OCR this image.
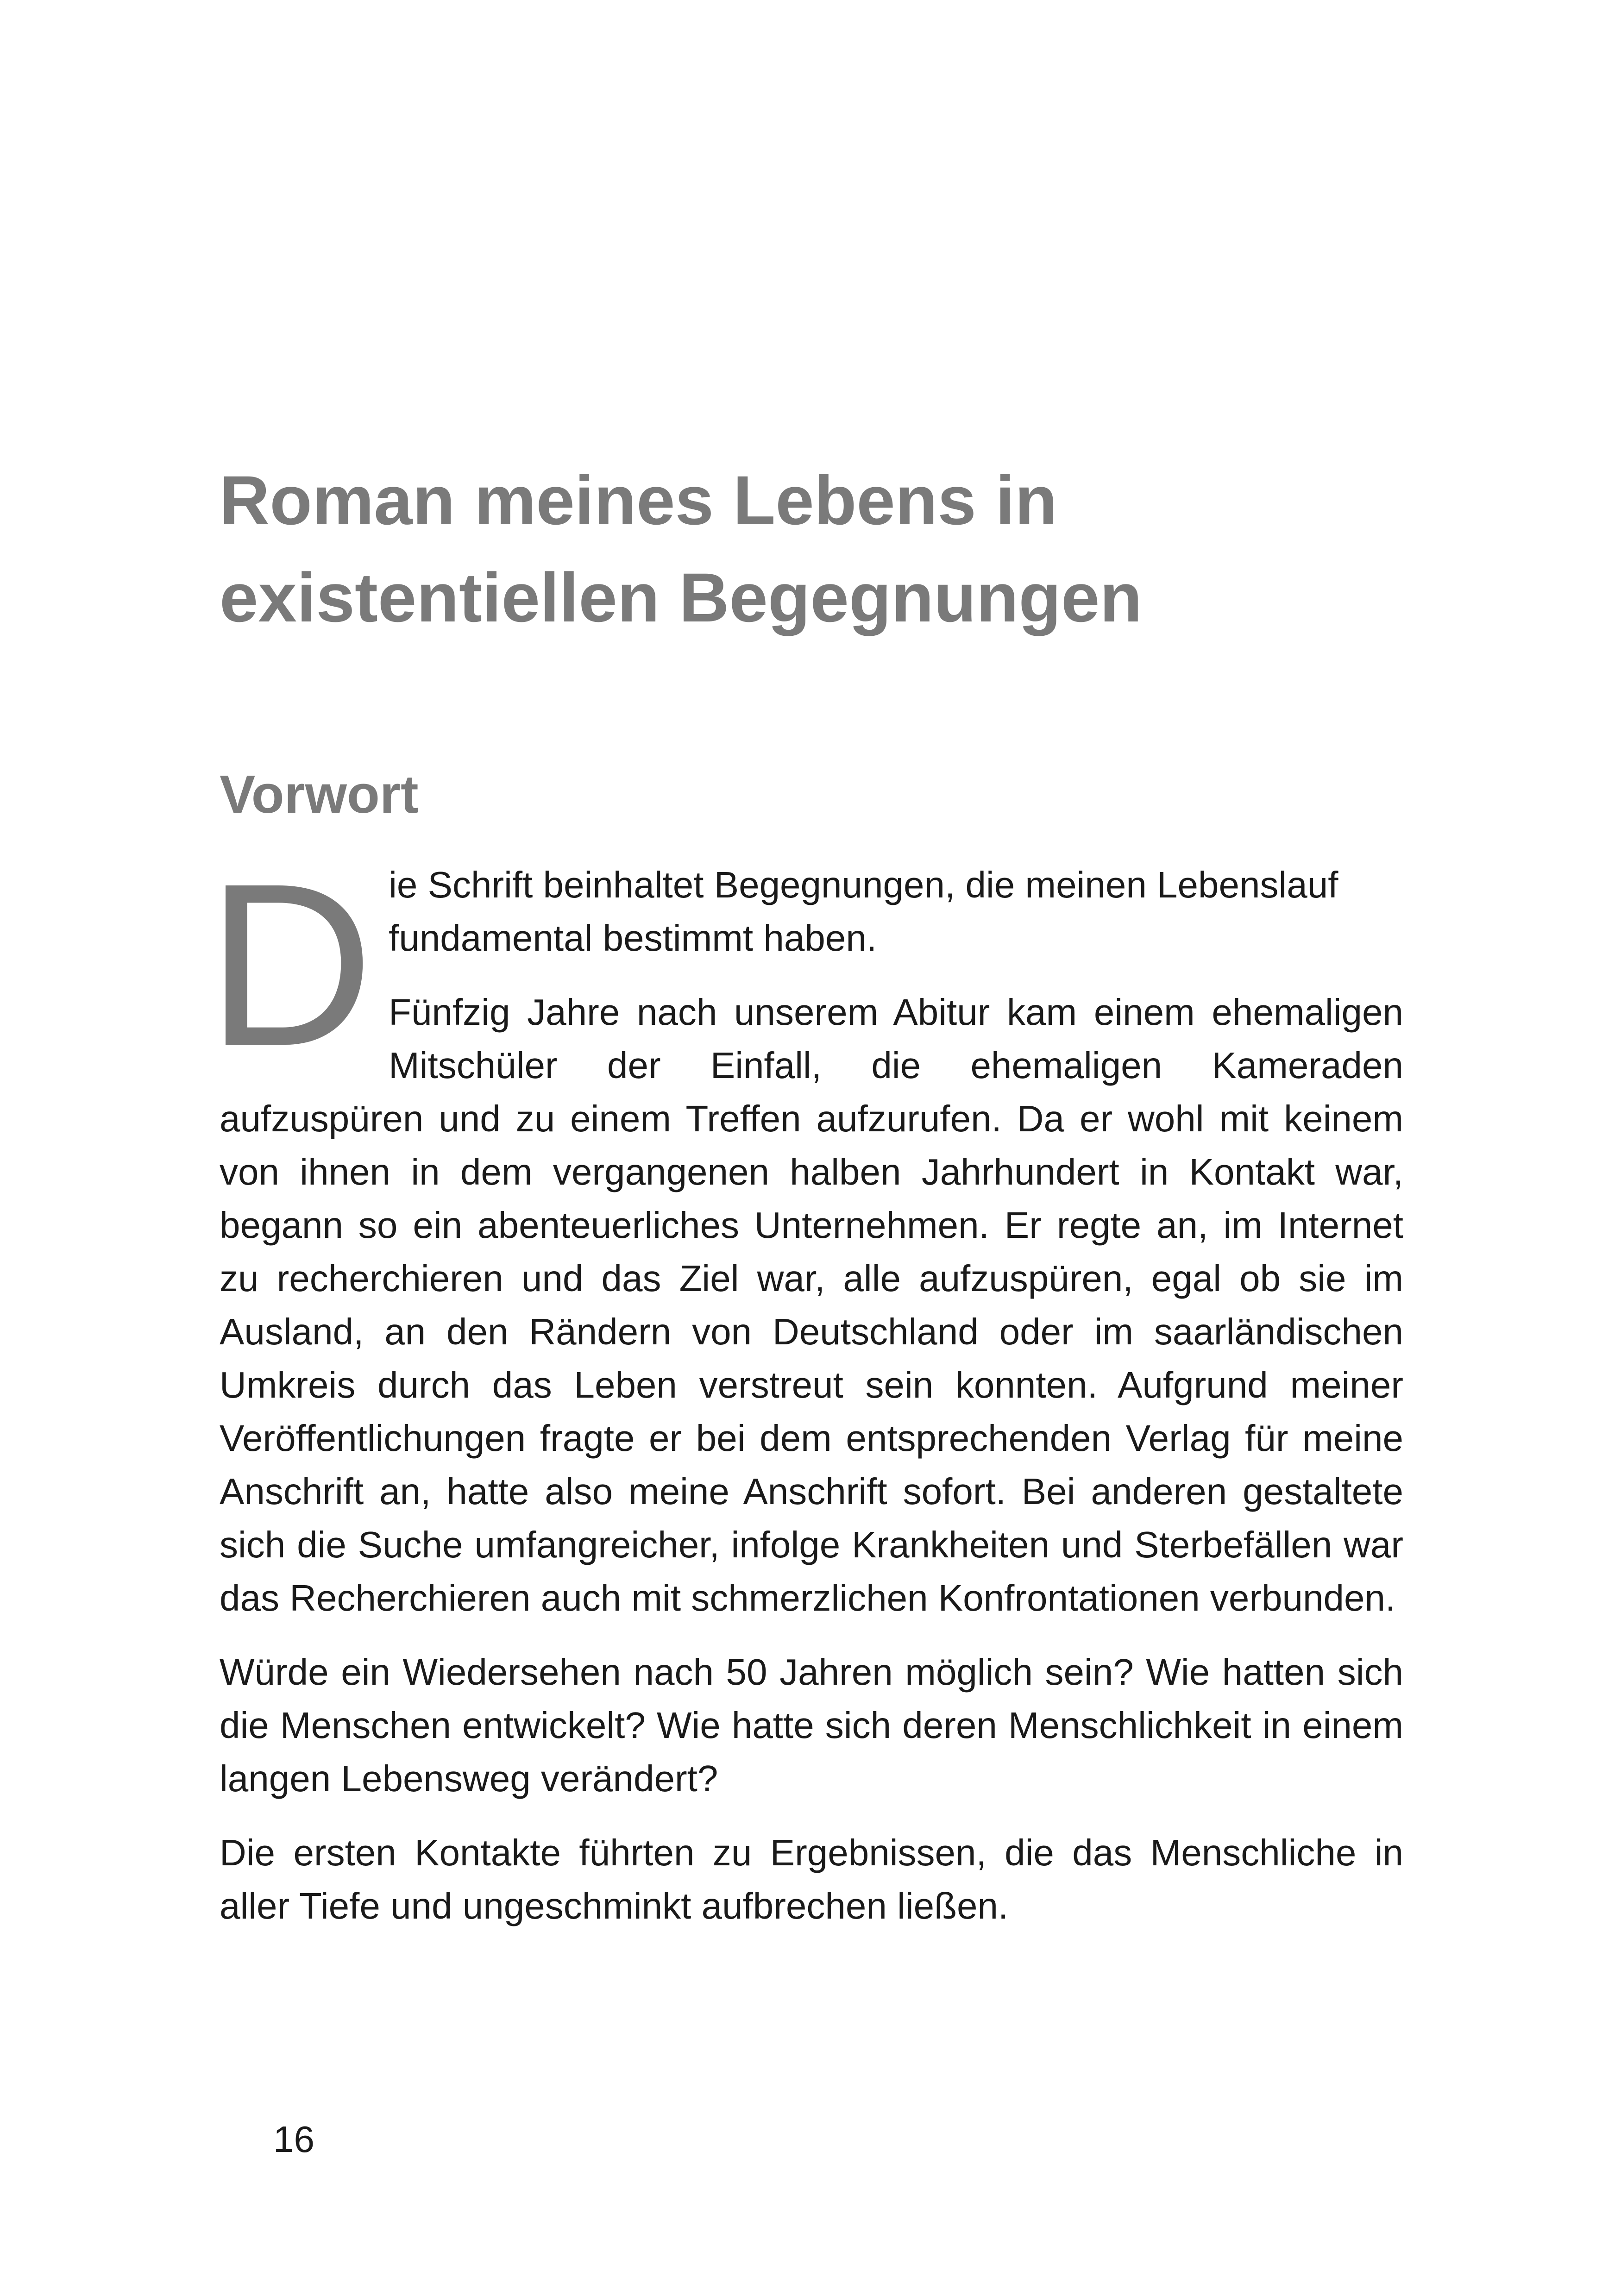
Roman meines Lebens in
existentiellen Begegnungen
Vorwort
D ie Schrift beinhaltet Begegnungen, die meinen Lebenslauf fundamental bestimmt haben.

Fünfzig Jahre nach unserem Abitur kam einem ehemaligen Mitschüler der Einfall, die ehemaligen Kameraden aufzuspüren und zu einem Treffen aufzurufen. Da er wohl mit keinem von ihnen in dem vergangenen halben Jahrhundert in Kontakt war, begann so ein abenteuerliches Unternehmen. Er regte an, im Internet zu recherchieren und das Ziel war, alle aufzuspüren, egal ob sie im Ausland, an den Rändern von Deutschland oder im saarländischen Umkreis durch das Leben verstreut sein konnten. Aufgrund meiner Veröffentlichungen fragte er bei dem entsprechenden Verlag für meine Anschrift an, hatte also meine Anschrift sofort. Bei anderen gestaltete sich die Suche umfangreicher, infolge Krankheiten und Sterbefällen war das Recherchieren auch mit schmerzlichen Konfrontationen verbunden.

Würde ein Wiedersehen nach 50 Jahren möglich sein? Wie hatten sich die Menschen entwickelt? Wie hatte sich deren Menschlichkeit in einem langen Lebensweg verändert?

Die ersten Kontakte führten zu Ergebnissen, die das Menschliche in aller Tiefe und ungeschminkt aufbrechen ließen.

16
